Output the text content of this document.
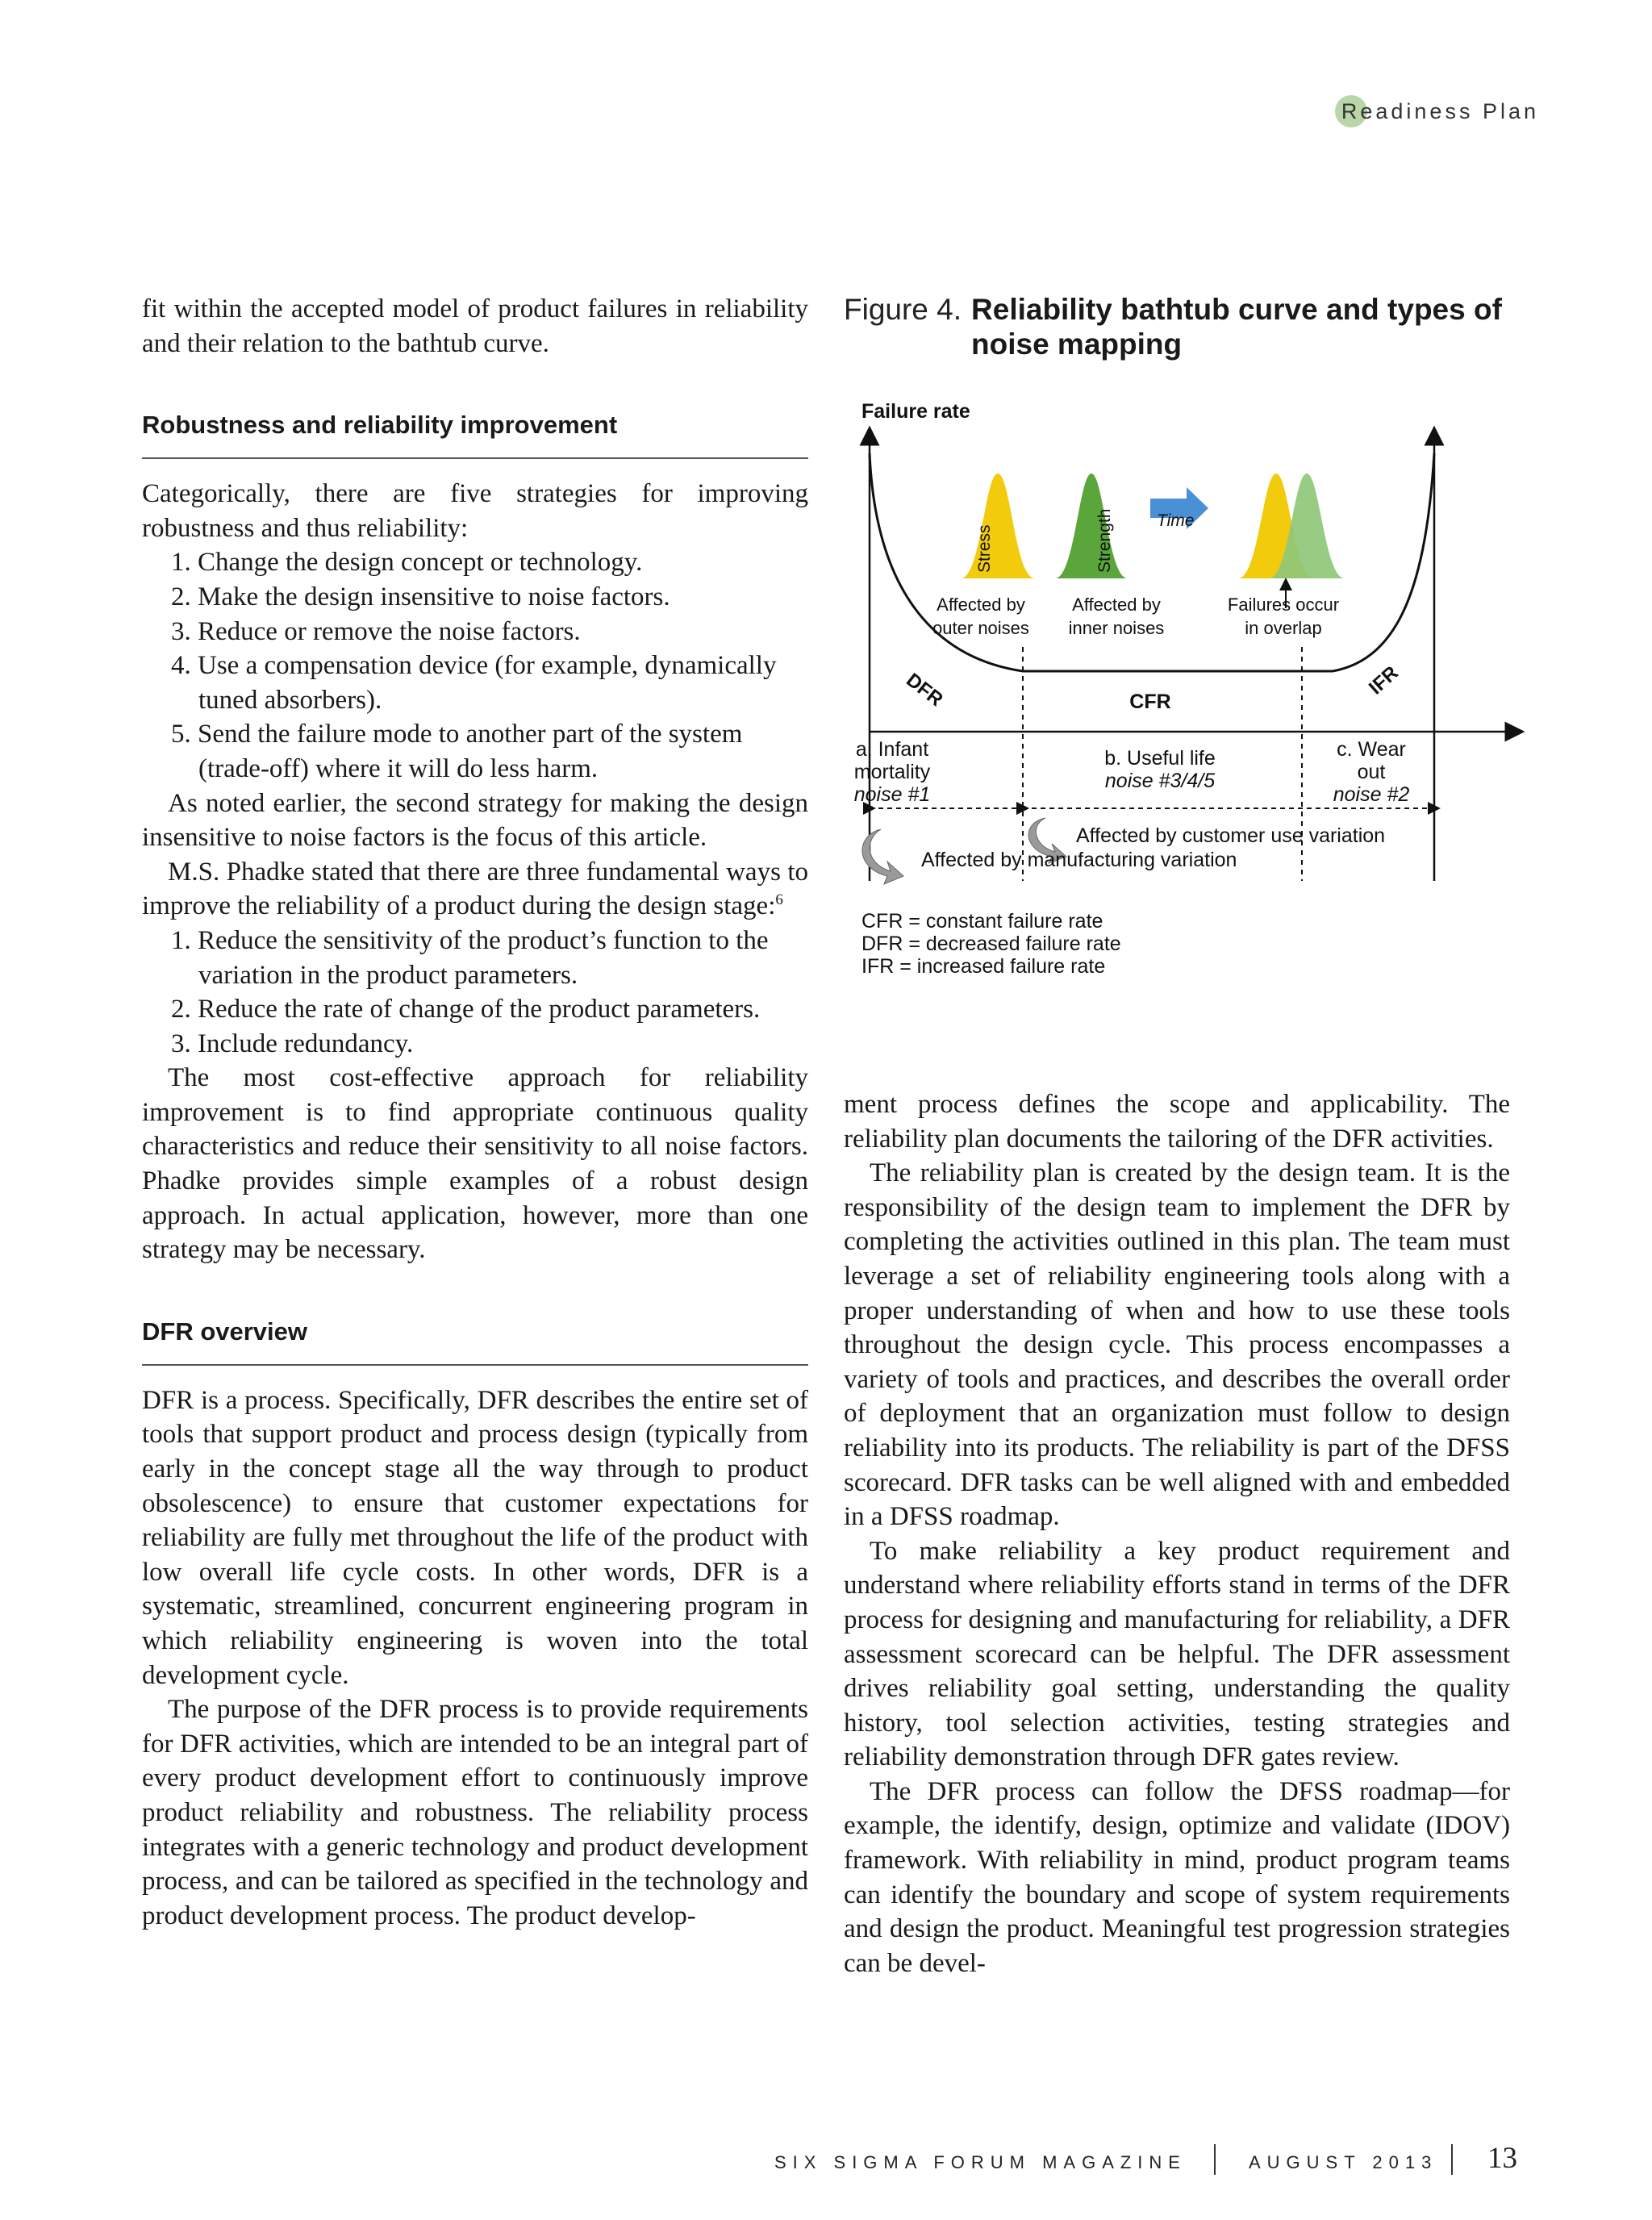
Readiness Plan

fit within the accepted model of product failures in reliability and their relation to the bathtub curve.

Robustness and reliability improvement

Categorically, there are five strategies for improving robustness and thus reliability:

1. Change the design concept or technology.
2. Make the design insensitive to noise factors.
3. Reduce or remove the noise factors.
4. Use a compensation device (for example, dynamically tuned absorbers).
5. Send the failure mode to another part of the system (trade-off) where it will do less harm.

As noted earlier, the second strategy for making the design insensitive to noise factors is the focus of this article.

M.S. Phadke stated that there are three fundamental ways to improve the reliability of a product during the design stage:$^6$

1. Reduce the sensitivity of the product’s function to the variation in the product parameters.
2. Reduce the rate of change of the product parameters.
3. Include redundancy.

The most cost-effective approach for reliability improvement is to find appropriate continuous quality characteristics and reduce their sensitivity to all noise factors. Phadke provides simple examples of a robust design approach. In actual application, however, more than one strategy may be necessary.

DFR overview

DFR is a process. Specifically, DFR describes the entire set of tools that support product and process design (typically from early in the concept stage all the way through to product obsolescence) to ensure that customer expectations for reliability are fully met throughout the life of the product with low overall life cycle costs. In other words, DFR is a systematic, streamlined, concurrent engineering program in which reliability engineering is woven into the total development cycle.

The purpose of the DFR process is to provide requirements for DFR activities, which are intended to be an integral part of every product development effort to continuously improve product reliability and robustness. The reliability process integrates with a generic technology and product development process, and can be tailored as specified in the technology and product development process. The product develop-

Figure 4. Reliability bathtub curve and types of noise mapping
Failure rate
Stress	Strength	Time
Affected by
outer noises
Affected by
inner noises
Failures occur
in overlap
DFR	CFR
IFR
a. Infant
mortality
noise #1
b. Useful life
noise #3/4/5
c. Wear
out
noise #2
Affected by customer use variation
Affected by manufacturing variation
CFR = constant failure rate
DFR = decreased failure rate
IFR = increased failure rate

ment process defines the scope and applicability. The reliability plan documents the tailoring of the DFR activities.

The reliability plan is created by the design team. It is the responsibility of the design team to implement the DFR by completing the activities outlined in this plan. The team must leverage a set of reliability engineering tools along with a proper understanding of when and how to use these tools throughout the design cycle. This process encompasses a variety of tools and practices, and describes the overall order of deployment that an organization must follow to design reliability into its products. The reliability is part of the DFSS scorecard. DFR tasks can be well aligned with and embedded in a DFSS roadmap.

To make reliability a key product requirement and understand where reliability efforts stand in terms of the DFR process for designing and manufacturing for reliability, a DFR assessment scorecard can be helpful. The DFR assessment drives reliability goal setting, understanding the quality history, tool selection activities, testing strategies and reliability demonstration through DFR gates review.

The DFR process can follow the DFSS roadmap—for example, the identify, design, optimize and validate (IDOV) framework. With reliability in mind, product program teams can identify the boundary and scope of system requirements and design the product. Meaningful test progression strategies can be devel-

SIX SIGMA FORUM MAGAZINE	AUGUST 2013 13
